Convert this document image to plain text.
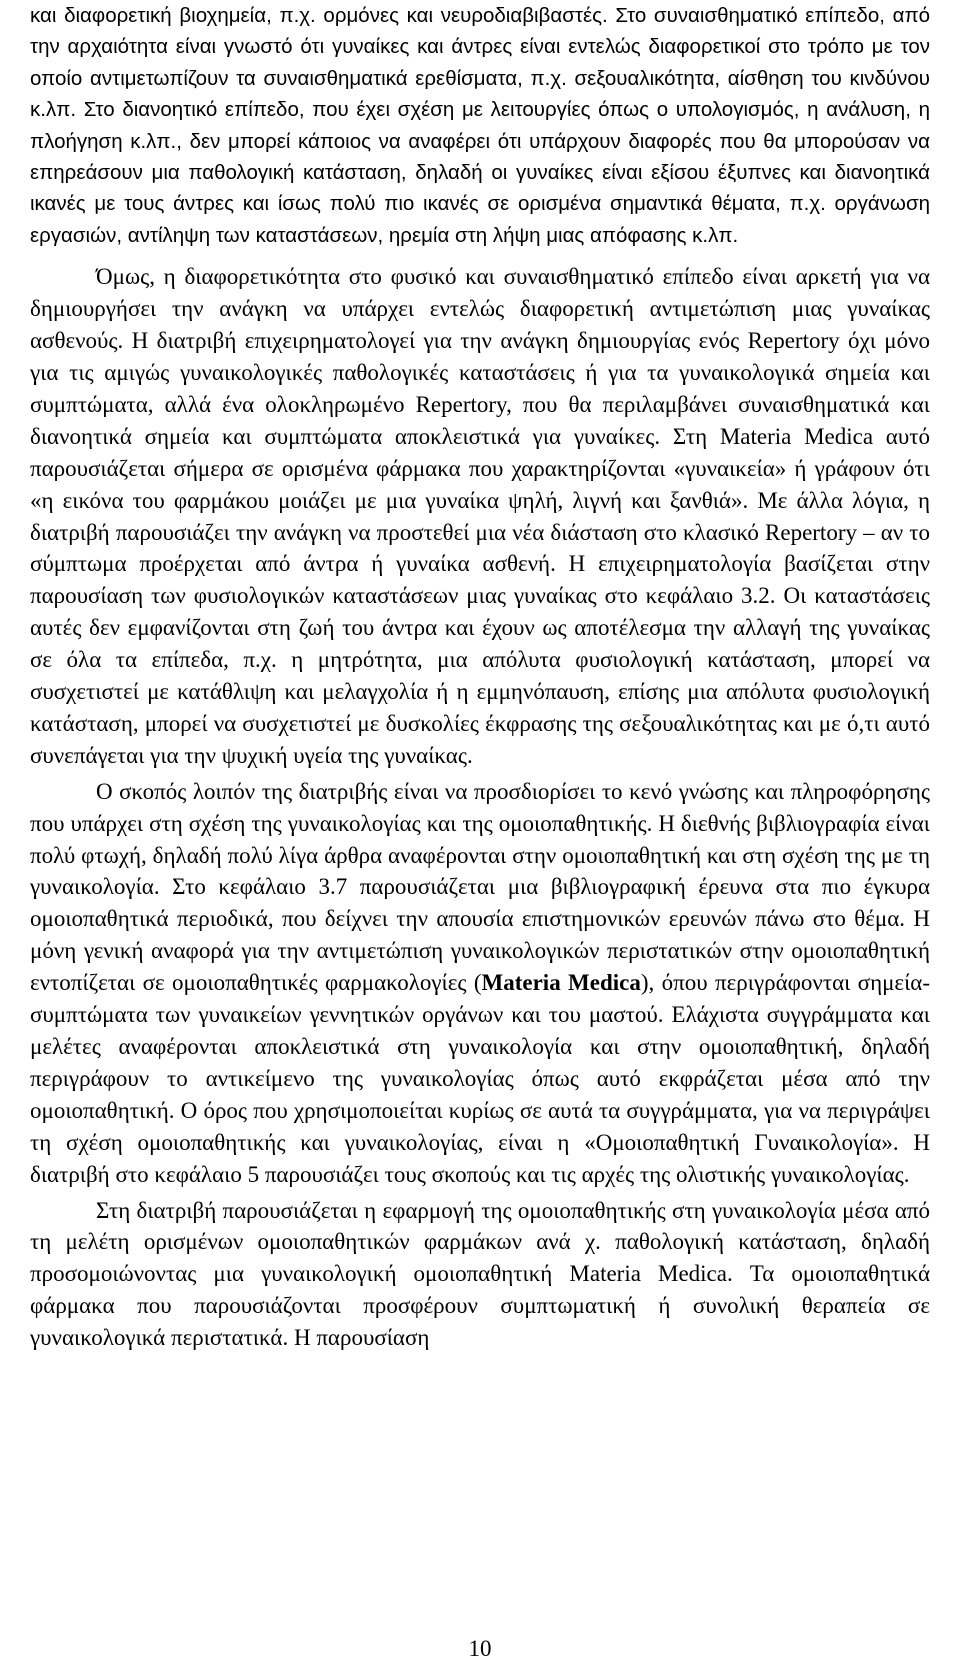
και διαφορετική βιοχημεία, π.χ. ορμόνες και νευροδιαβιβαστές. Στο συναισθηματικό επίπεδο, από την αρχαιότητα είναι γνωστό ότι γυναίκες και άντρες είναι εντελώς διαφορετικοί στο τρόπο με τον οποίο αντιμετωπίζουν τα συναισθηματικά ερεθίσματα, π.χ. σεξουαλικότητα, αίσθηση του κινδύνου κ.λπ. Στο διανοητικό επίπεδο, που έχει σχέση με λειτουργίες όπως ο υπολογισμός, η ανάλυση, η πλοήγηση κ.λπ., δεν μπορεί κάποιος να αναφέρει ότι υπάρχουν διαφορές που θα μπορούσαν να επηρεάσουν μια παθολογική κατάσταση, δηλαδή οι γυναίκες είναι εξίσου έξυπνες και διανοητικά ικανές με τους άντρες και ίσως πολύ πιο ικανές σε ορισμένα σημαντικά θέματα, π.χ. οργάνωση εργασιών, αντίληψη των καταστάσεων, ηρεμία στη λήψη μιας απόφασης κ.λπ.

Όμως, η διαφορετικότητα στο φυσικό και συναισθηματικό επίπεδο είναι αρκετή για να δημιουργήσει την ανάγκη να υπάρχει εντελώς διαφορετική αντιμετώπιση μιας γυναίκας ασθενούς. Η διατριβή επιχειρηματολογεί για την ανάγκη δημιουργίας ενός Repertory όχι μόνο για τις αμιγώς γυναικολογικές παθολογικές καταστάσεις ή για τα γυναικολογικά σημεία και συμπτώματα, αλλά ένα ολοκληρωμένο Repertory, που θα περιλαμβάνει συναισθηματικά και διανοητικά σημεία και συμπτώματα αποκλειστικά για γυναίκες. Στη Materia Medica αυτό παρουσιάζεται σήμερα σε ορισμένα φάρμακα που χαρακτηρίζονται «γυναικεία» ή γράφουν ότι «η εικόνα του φαρμάκου μοιάζει με μια γυναίκα ψηλή, λιγνή και ξανθιά». Με άλλα λόγια, η διατριβή παρουσιάζει την ανάγκη να προστεθεί μια νέα διάσταση στο κλασικό Repertory – αν το σύμπτωμα προέρχεται από άντρα ή γυναίκα ασθενή. Η επιχειρηματολογία βασίζεται στην παρουσίαση των φυσιολογικών καταστάσεων μιας γυναίκας στο κεφάλαιο 3.2. Οι καταστάσεις αυτές δεν εμφανίζονται στη ζωή του άντρα και έχουν ως αποτέλεσμα την αλλαγή της γυναίκας σε όλα τα επίπεδα, π.χ. η μητρότητα, μια απόλυτα φυσιολογική κατάσταση, μπορεί να συσχετιστεί με κατάθλιψη και μελαγχολία ή η εμμηνόπαυση, επίσης μια απόλυτα φυσιολογική κατάσταση, μπορεί να συσχετιστεί με δυσκολίες έκφρασης της σεξουαλικότητας και με ό,τι αυτό συνεπάγεται για την ψυχική υγεία της γυναίκας.

Ο σκοπός λοιπόν της διατριβής είναι να προσδιορίσει το κενό γνώσης και πληροφόρησης που υπάρχει στη σχέση της γυναικολογίας και της ομοιοπαθητικής. Η διεθνής βιβλιογραφία είναι πολύ φτωχή, δηλαδή πολύ λίγα άρθρα αναφέρονται στην ομοιοπαθητική και στη σχέση της με τη γυναικολογία. Στο κεφάλαιο 3.7 παρουσιάζεται μια βιβλιογραφική έρευνα στα πιο έγκυρα ομοιοπαθητικά περιοδικά, που δείχνει την απουσία επιστημονικών ερευνών πάνω στο θέμα. Η μόνη γενική αναφορά για την αντιμετώπιση γυναικολογικών περιστατικών στην ομοιοπαθητική εντοπίζεται σε ομοιοπαθητικές φαρμακολογίες (Materia Medica), όπου περιγράφονται σημεία-συμπτώματα των γυναικείων γεννητικών οργάνων και του μαστού. Ελάχιστα συγγράμματα και μελέτες αναφέρονται αποκλειστικά στη γυναικολογία και στην ομοιοπαθητική, δηλαδή περιγράφουν το αντικείμενο της γυναικολογίας όπως αυτό εκφράζεται μέσα από την ομοιοπαθητική. Ο όρος που χρησιμοποιείται κυρίως σε αυτά τα συγγράμματα, για να περιγράψει τη σχέση ομοιοπαθητικής και γυναικολογίας, είναι η «Ομοιοπαθητική Γυναικολογία». Η διατριβή στο κεφάλαιο 5 παρουσιάζει τους σκοπούς και τις αρχές της ολιστικής γυναικολογίας.

Στη διατριβή παρουσιάζεται η εφαρμογή της ομοιοπαθητικής στη γυναικολογία μέσα από τη μελέτη ορισμένων ομοιοπαθητικών φαρμάκων ανά χ. παθολογική κατάσταση, δηλαδή προσομοιώνοντας μια γυναικολογική ομοιοπαθητική Materia Medica. Τα ομοιοπαθητικά φάρμακα που παρουσιάζονται προσφέρουν συμπτωματική ή συνολική θεραπεία σε γυναικολογικά περιστατικά. Η παρουσίαση

10
